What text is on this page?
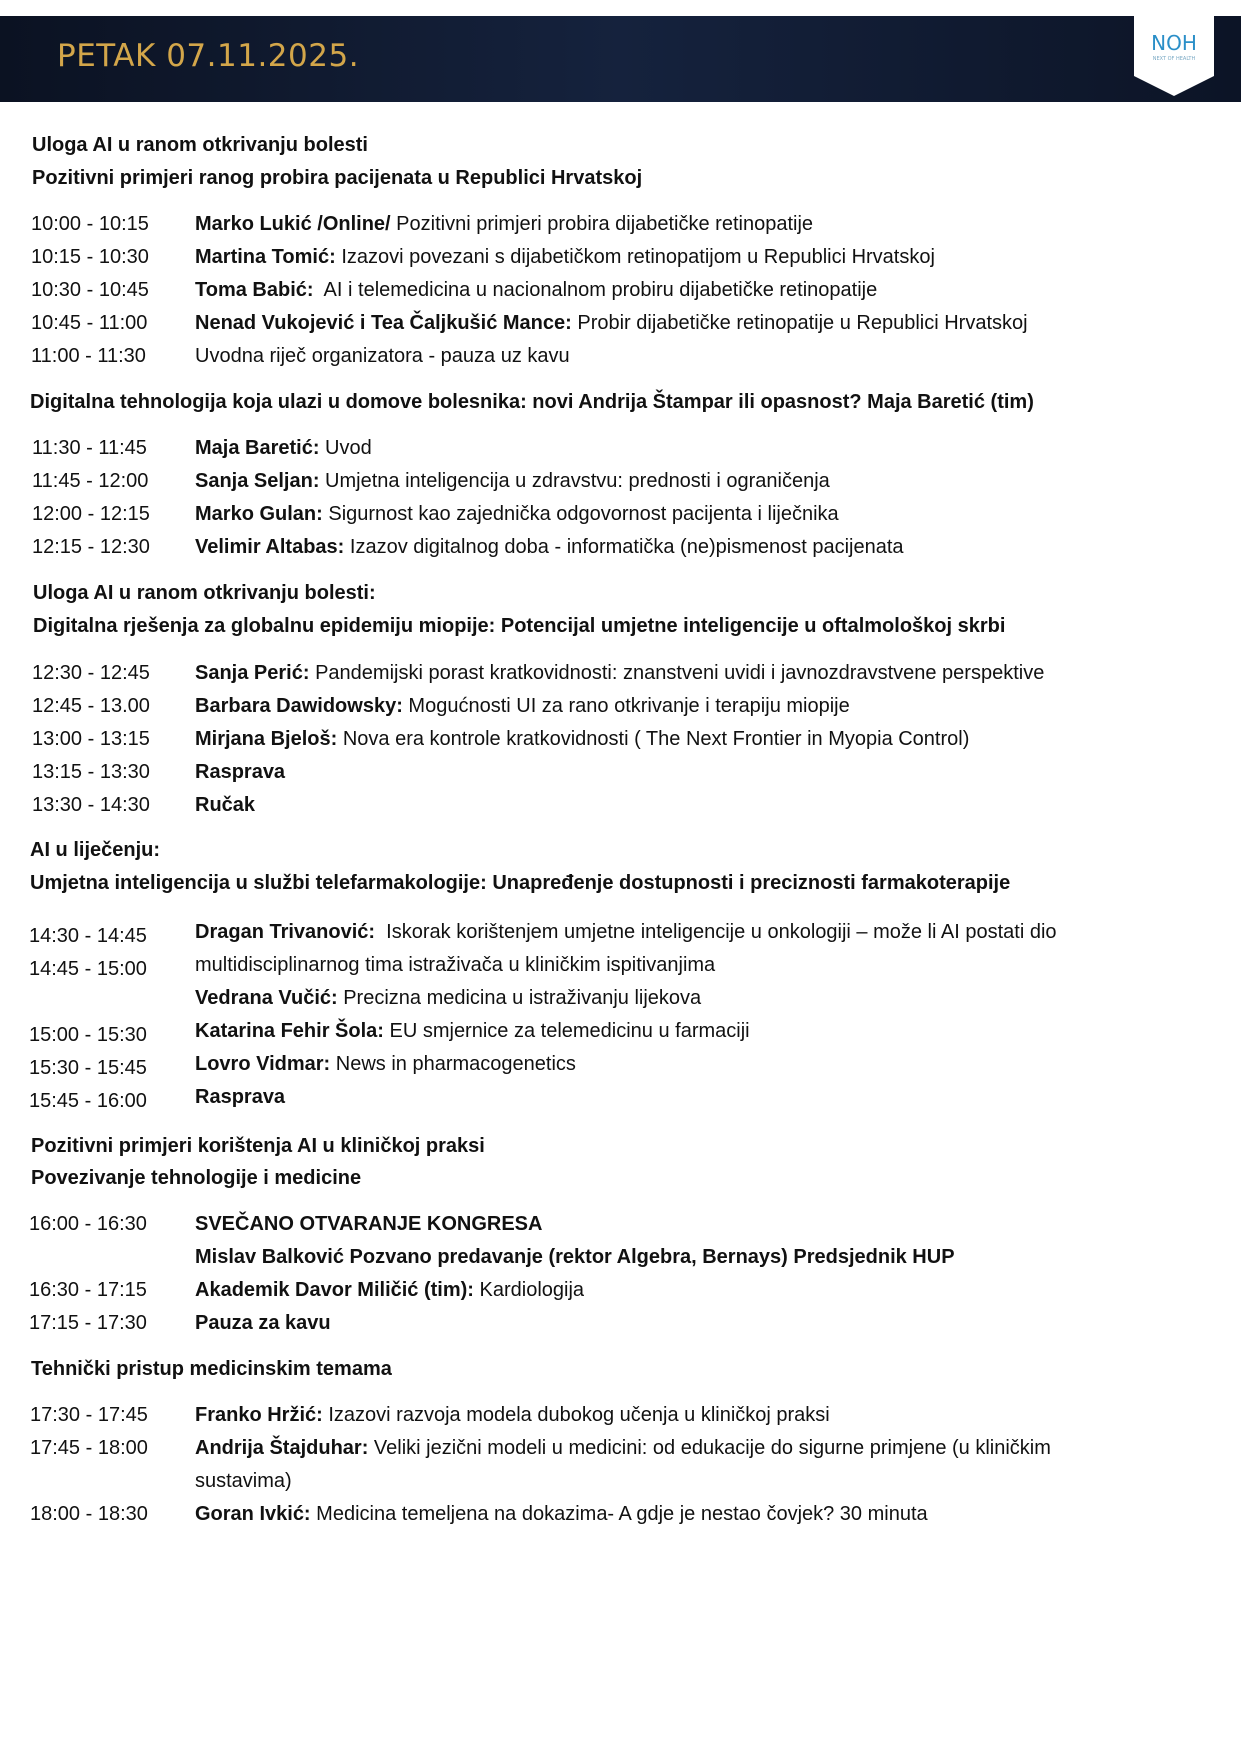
PETAK 07.11.2025.	NOH
NEXT OF HEALTH
Uloga AI u ranom otkrivanju bolesti
Pozitivni primjeri ranog probira pacijenata u Republici Hrvatskoj
10:00 - 10:15 Marko Lukić /Online/ Pozitivni primjeri probira dijabetičke retinopatije
10:15 - 10:30 Martina Tomić: Izazovi povezani s dijabetičkom retinopatijom u Republici Hrvatskoj
10:30 - 10:45 Toma Babić:  AI i telemedicina u nacionalnom probiru dijabetičke retinopatije
10:45 - 11:00 Nenad Vukojević i Tea Čaljkušić Mance: Probir dijabetičke retinopatije u Republici Hrvatskoj
11:00 - 11:30 Uvodna riječ organizatora - pauza uz kavu
Digitalna tehnologija koja ulazi u domove bolesnika: novi Andrija Štampar ili opasnost? Maja Baretić (tim)
11:30 - 11:45 Maja Baretić: Uvod
11:45 - 12:00 Sanja Seljan: Umjetna inteligencija u zdravstvu: prednosti i ograničenja
12:00 - 12:15 Marko Gulan: Sigurnost kao zajednička odgovornost pacijenta i liječnika
12:15 - 12:30 Velimir Altabas: Izazov digitalnog doba - informatička (ne)pismenost pacijenata
Uloga AI u ranom otkrivanju bolesti:
Digitalna rješenja za globalnu epidemiju miopije: Potencijal umjetne inteligencije u oftalmološkoj skrbi
12:30 - 12:45 Sanja Perić: Pandemijski porast kratkovidnosti: znanstveni uvidi i javnozdravstvene perspektive
12:45 - 13.00 Barbara Dawidowsky: Mogućnosti UI za rano otkrivanje i terapiju miopije
13:00 - 13:15 Mirjana Bjeloš: Nova era kontrole kratkovidnosti ( The Next Frontier in Myopia Control)
13:15 - 13:30 Rasprava
13:30 - 14:30 Ručak
AI u liječenju:
Umjetna inteligencija u službi telefarmakologije: Unapređenje dostupnosti i preciznosti farmakoterapije
14:30 - 14:45 Dragan Trivanović:  Iskorak korištenjem umjetne inteligencije u onkologiji – može li AI postati dio
14:45 - 15:00 multidisciplinarnog tima istraživača u kliničkim ispitivanjima
Vedrana Vučić: Precizna medicina u istraživanju lijekova
15:00 - 15:30 Katarina Fehir Šola: EU smjernice za telemedicinu u farmaciji
15:30 - 15:45 Lovro Vidmar: News in pharmacogenetics
15:45 - 16:00 Rasprava
Pozitivni primjeri korištenja AI u kliničkoj praksi
Povezivanje tehnologije i medicine
16:00 - 16:30 SVEČANO OTVARANJE KONGRESA
Mislav Balković Pozvano predavanje (rektor Algebra, Bernays) Predsjednik HUP
16:30 - 17:15 Akademik Davor Miličić (tim): Kardiologija
17:15 - 17:30 Pauza za kavu
Tehnički pristup medicinskim temama
17:30 - 17:45 Franko Hržić: Izazovi razvoja modela dubokog učenja u kliničkoj praksi
17:45 - 18:00 Andrija Štajduhar: Veliki jezični modeli u medicini: od edukacije do sigurne primjene (u kliničkim
sustavima)
18:00 - 18:30 Goran Ivkić: Medicina temeljena na dokazima- A gdje je nestao čovjek? 30 minuta
